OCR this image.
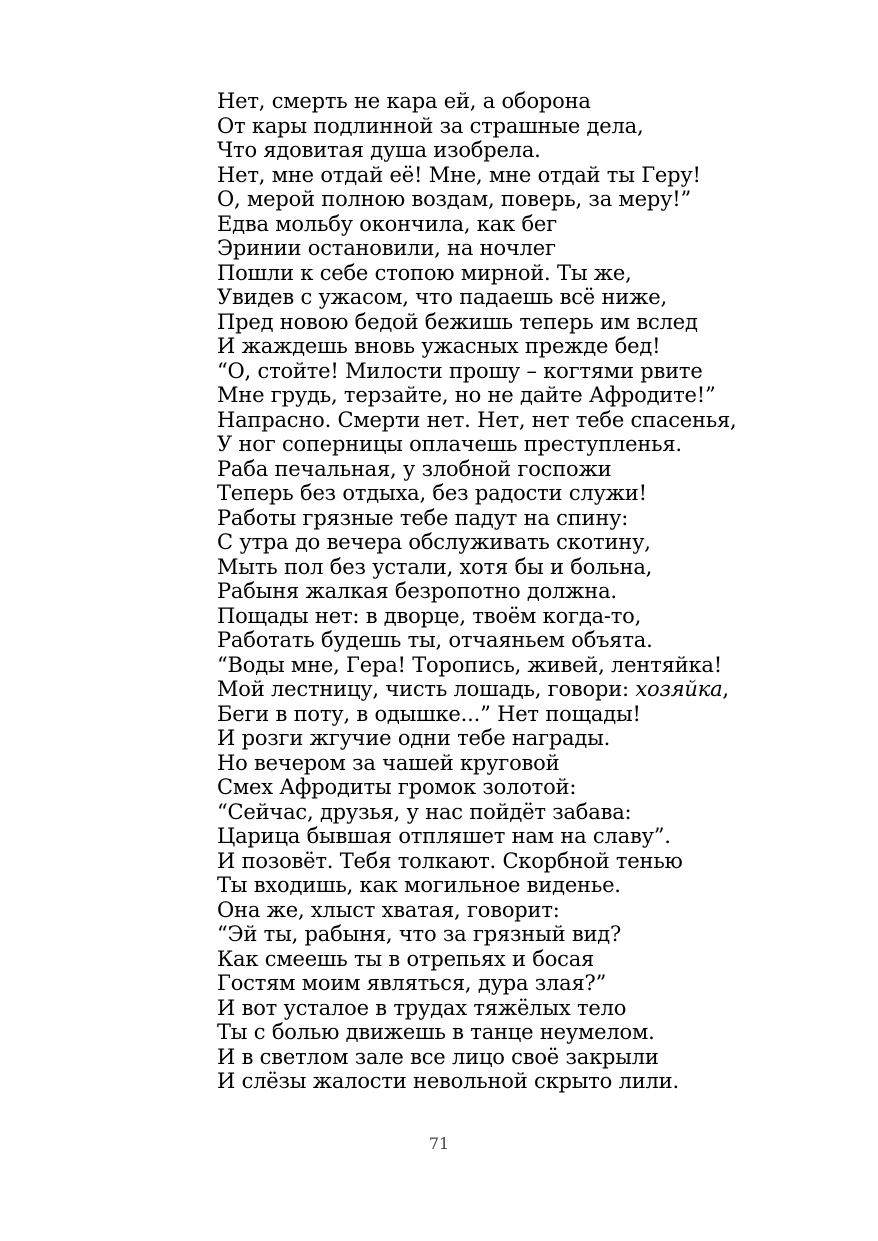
Нет, смерть не кара ей, а оборона
От кары подлинной за страшные дела,
Что ядовитая душа изобрела.
Нет, мне отдай её! Мне, мне отдай ты Геру!
О, мерой полною воздам, поверь, за меру!”
Едва мольбу окончила, как бег
Эринии остановили, на ночлег
Пошли к себе стопою мирной. Ты же,
Увидев с ужасом, что падаешь всё ниже,
Пред новою бедой бежишь теперь им вслед
И жаждешь вновь ужасных прежде бед!
“О, стойте! Милости прошу – когтями рвите
Мне грудь, терзайте, но не дайте Афродите!”
Напрасно. Смерти нет. Нет, нет тебе спасенья,
У ног соперницы оплачешь преступленья.
Раба печальная, у злобной госпожи
Теперь без отдыха, без радости служи!
Работы грязные тебе падут на спину:
С утра до вечера обслуживать скотину,
Мыть пол без устали, хотя бы и больна,
Рабыня жалкая безропотно должна.
Пощады нет: в дворце, твоём когда-то,
Работать будешь ты, отчаяньем объята.
“Воды мне, Гера! Торопись, живей, лентяйка!
Мой лестницу, чисть лошадь, говори: хозяйка,
Беги в поту, в одышке...” Нет пощады!
И розги жгучие одни тебе награды.
Но вечером за чашей круговой
Смех Афродиты громок золотой:
“Сейчас, друзья, у нас пойдёт забава:
Царица бывшая отпляшет нам на славу”.
И позовёт. Тебя толкают. Скорбной тенью
Ты входишь, как могильное виденье.
Она же, хлыст хватая, говорит:
“Эй ты, рабыня, что за грязный вид?
Как смеешь ты в отрепьях и босая
Гостям моим являться, дура злая?”
И вот усталое в трудах тяжёлых тело
Ты с болью движешь в танце неумелом.
И в светлом зале все лицо своё закрыли
И слёзы жалости невольной скрыто лили.
71
